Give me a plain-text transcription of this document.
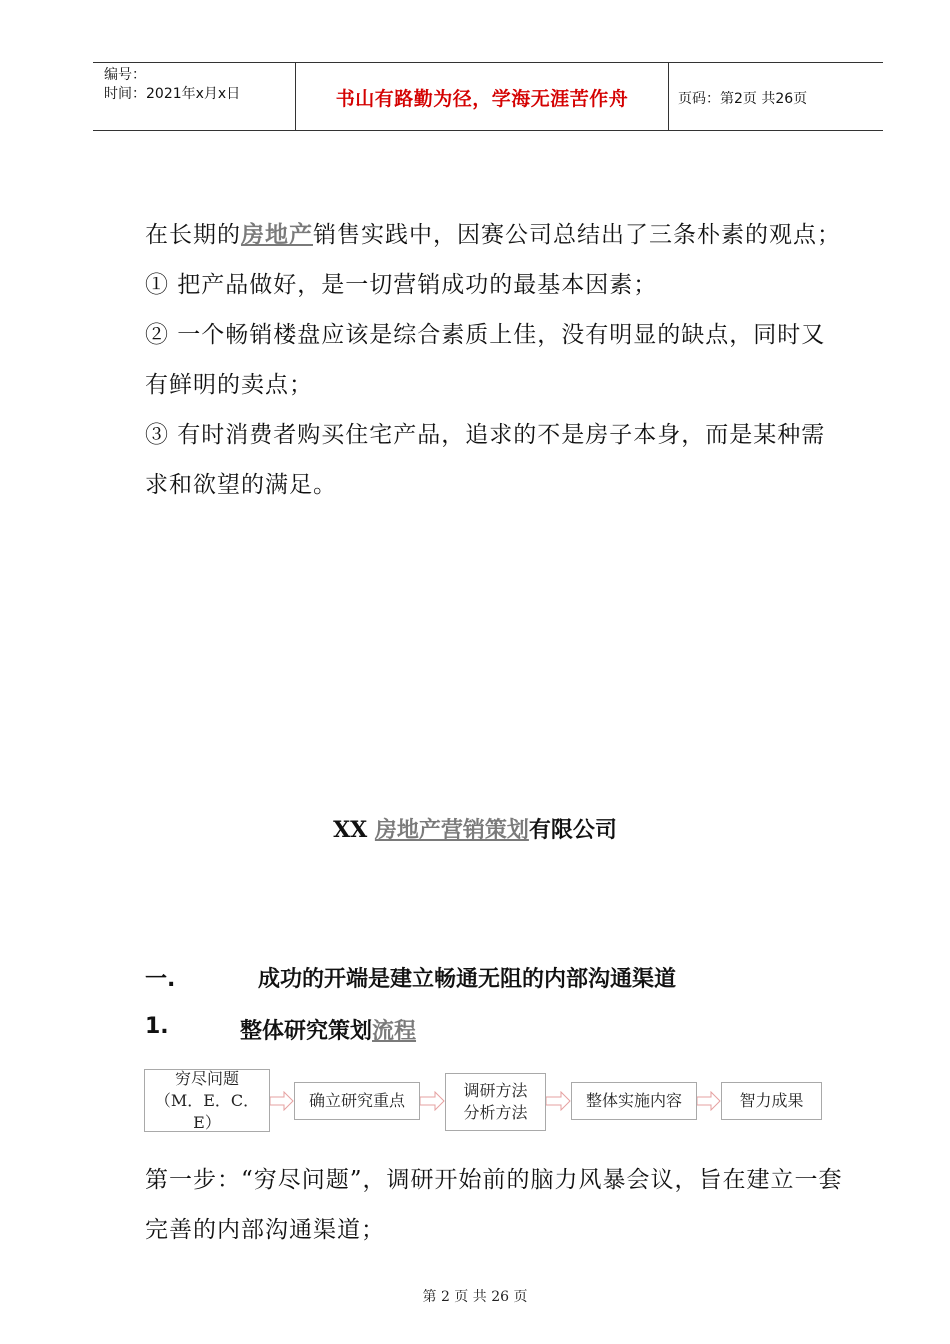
编号：
时间：2021年x月x日	书山有路勤为径，学海无涯苦作舟	页码：第2页 共26页

在长期的房地产销售实践中，因赛公司总结出了三条朴素的观点；

① 把产品做好，是一切营销成功的最基本因素；

② 一个畅销楼盘应该是综合素质上佳，没有明显的缺点，同时又有鲜明的卖点；

③ 有时消费者购买住宅产品，追求的不是房子本身，而是某种需求和欲望的满足。

XX 房地产营销策划有限公司
一.	成功的开端是建立畅通无阻的内部沟通渠道
1.	整体研究策划流程
穷尽问题（M．E．C．E）
确立研究重点
调研方法分析方法
整体实施内容	智力成果
第一步：“穷尽问题”，调研开始前的脑力风暴会议，旨在建立一套完善的内部沟通渠道；
第 2 页 共 26 页
